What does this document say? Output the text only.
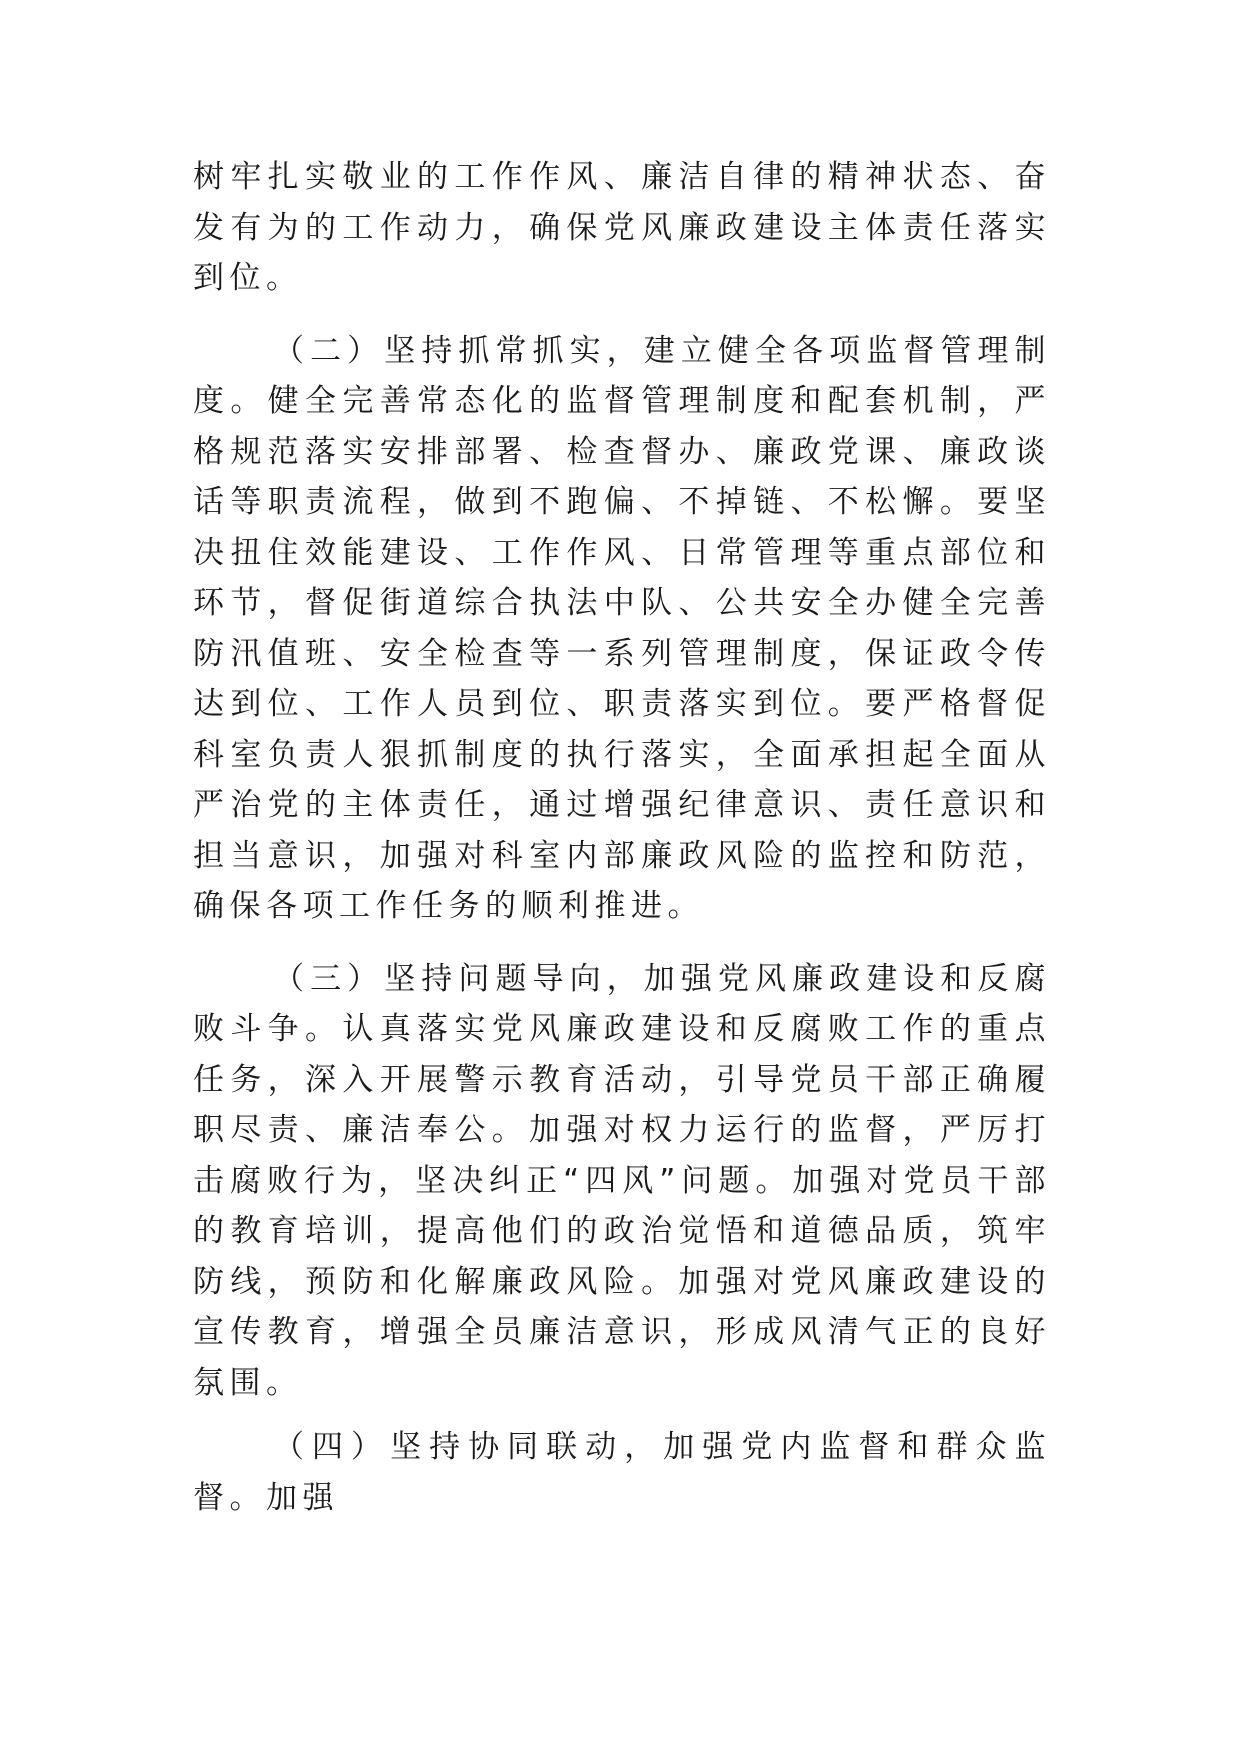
树牢扎实敬业的工作作风、廉洁自律的精神状态、奋发有为的工作动力，确保党风廉政建设主体责任落实到位。

（二）坚持抓常抓实，建立健全各项监督管理制度。健全完善常态化的监督管理制度和配套机制，严格规范落实安排部署、检查督办、廉政党课、廉政谈话等职责流程，做到不跑偏、不掉链、不松懈。要坚决扭住效能建设、工作作风、日常管理等重点部位和环节，督促街道综合执法中队、公共安全办健全完善防汛值班、安全检查等一系列管理制度，保证政令传达到位、工作人员到位、职责落实到位。要严格督促科室负责人狠抓制度的执行落实，全面承担起全面从严治党的主体责任，通过增强纪律意识、责任意识和担当意识，加强对科室内部廉政风险的监控和防范，确保各项工作任务的顺利推进。

（三）坚持问题导向，加强党风廉政建设和反腐败斗争。认真落实党风廉政建设和反腐败工作的重点任务，深入开展警示教育活动，引导党员干部正确履职尽责、廉洁奉公。加强对权力运行的监督，严厉打击腐败行为，坚决纠正“四风”问题。加强对党员干部的教育培训，提高他们的政治觉悟和道德品质，筑牢防线，预防和化解廉政风险。加强对党风廉政建设的宣传教育，增强全员廉洁意识，形成风清气正的良好氛围。

（四）坚持协同联动，加强党内监督和群众监督。加强
